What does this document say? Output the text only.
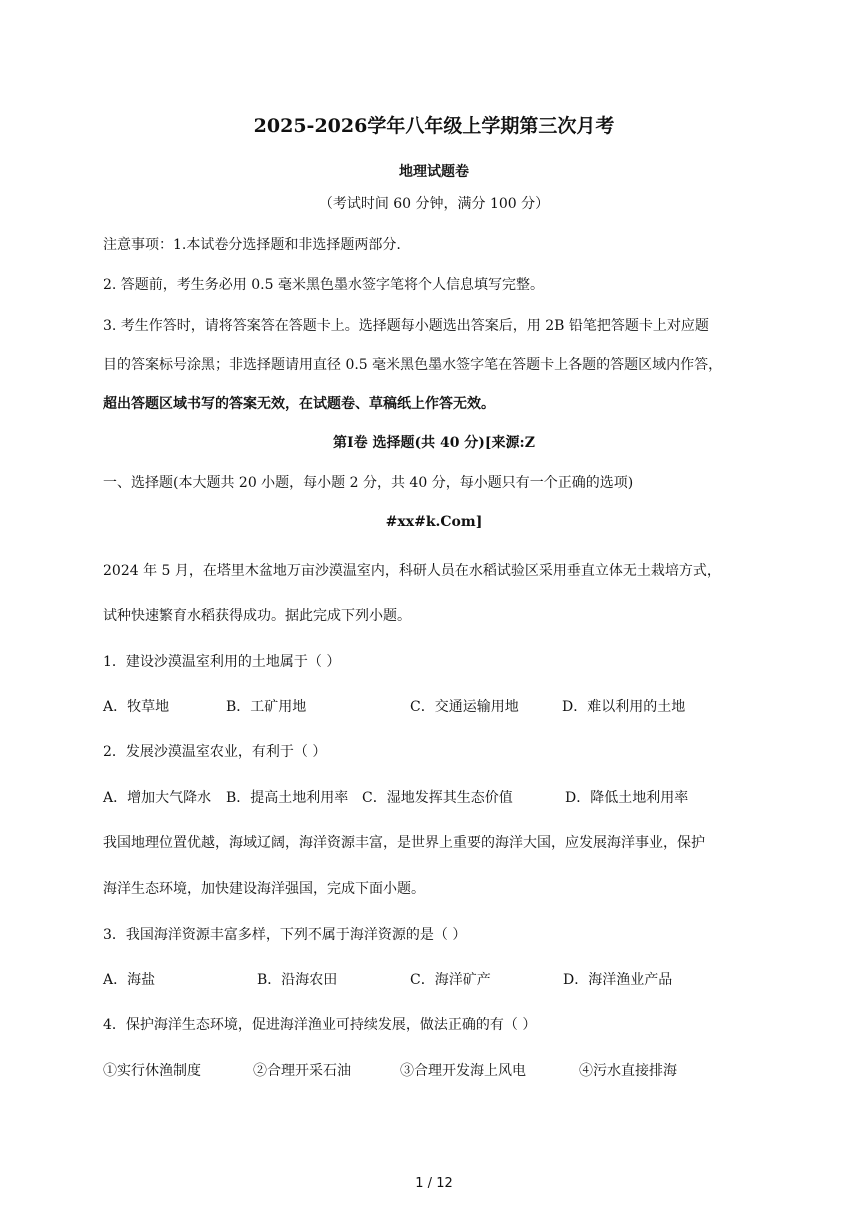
2025-2026学年八年级上学期第三次月考
地理试题卷
（考试时间 60 分钟，满分 100 分）
注意事项：1.本试卷分选择题和非选择题两部分.
2. 答题前，考生务必用 0.5 毫米黑色墨水签字笔将个人信息填写完整。
3. 考生作答时，请将答案答在答题卡上。选择题每小题选出答案后，用 2B 铅笔把答题卡上对应题
目的答案标号涂黑；非选择题请用直径 0.5 毫米黑色墨水签字笔在答题卡上各题的答题区域内作答，
超出答题区域书写的答案无效，在试题卷、草稿纸上作答无效。
第Ⅰ卷 选择题(共 40 分)[来源:Z
一、选择题(本大题共 20 小题，每小题 2 分，共 40 分，每小题只有一个正确的选项)
#xx#k.Com]
2024 年 5 月，在塔里木盆地万亩沙漠温室内，科研人员在水稻试验区采用垂直立体无土栽培方式，
试种快速繁育水稻获得成功。据此完成下列小题。
1．建设沙漠温室利用的土地属于（ ）
A．牧草地	B．工矿用地	C．交通运输用地	D．难以利用的土地
2．发展沙漠温室农业，有利于（ ）
A．增加大气降水 B．提高土地利用率 C．湿地发挥其生态价值	D．降低土地利用率
我国地理位置优越，海域辽阔，海洋资源丰富，是世界上重要的海洋大国，应发展海洋事业，保护
海洋生态环境，加快建设海洋强国，完成下面小题。
3．我国海洋资源丰富多样，下列不属于海洋资源的是（ ）
A．海盐	B．沿海农田	C．海洋矿产	D．海洋渔业产品
4．保护海洋生态环境，促进海洋渔业可持续发展，做法正确的有（ ）
①实行休渔制度	②合理开采石油	③合理开发海上风电	④污水直接排海
1 / 12
